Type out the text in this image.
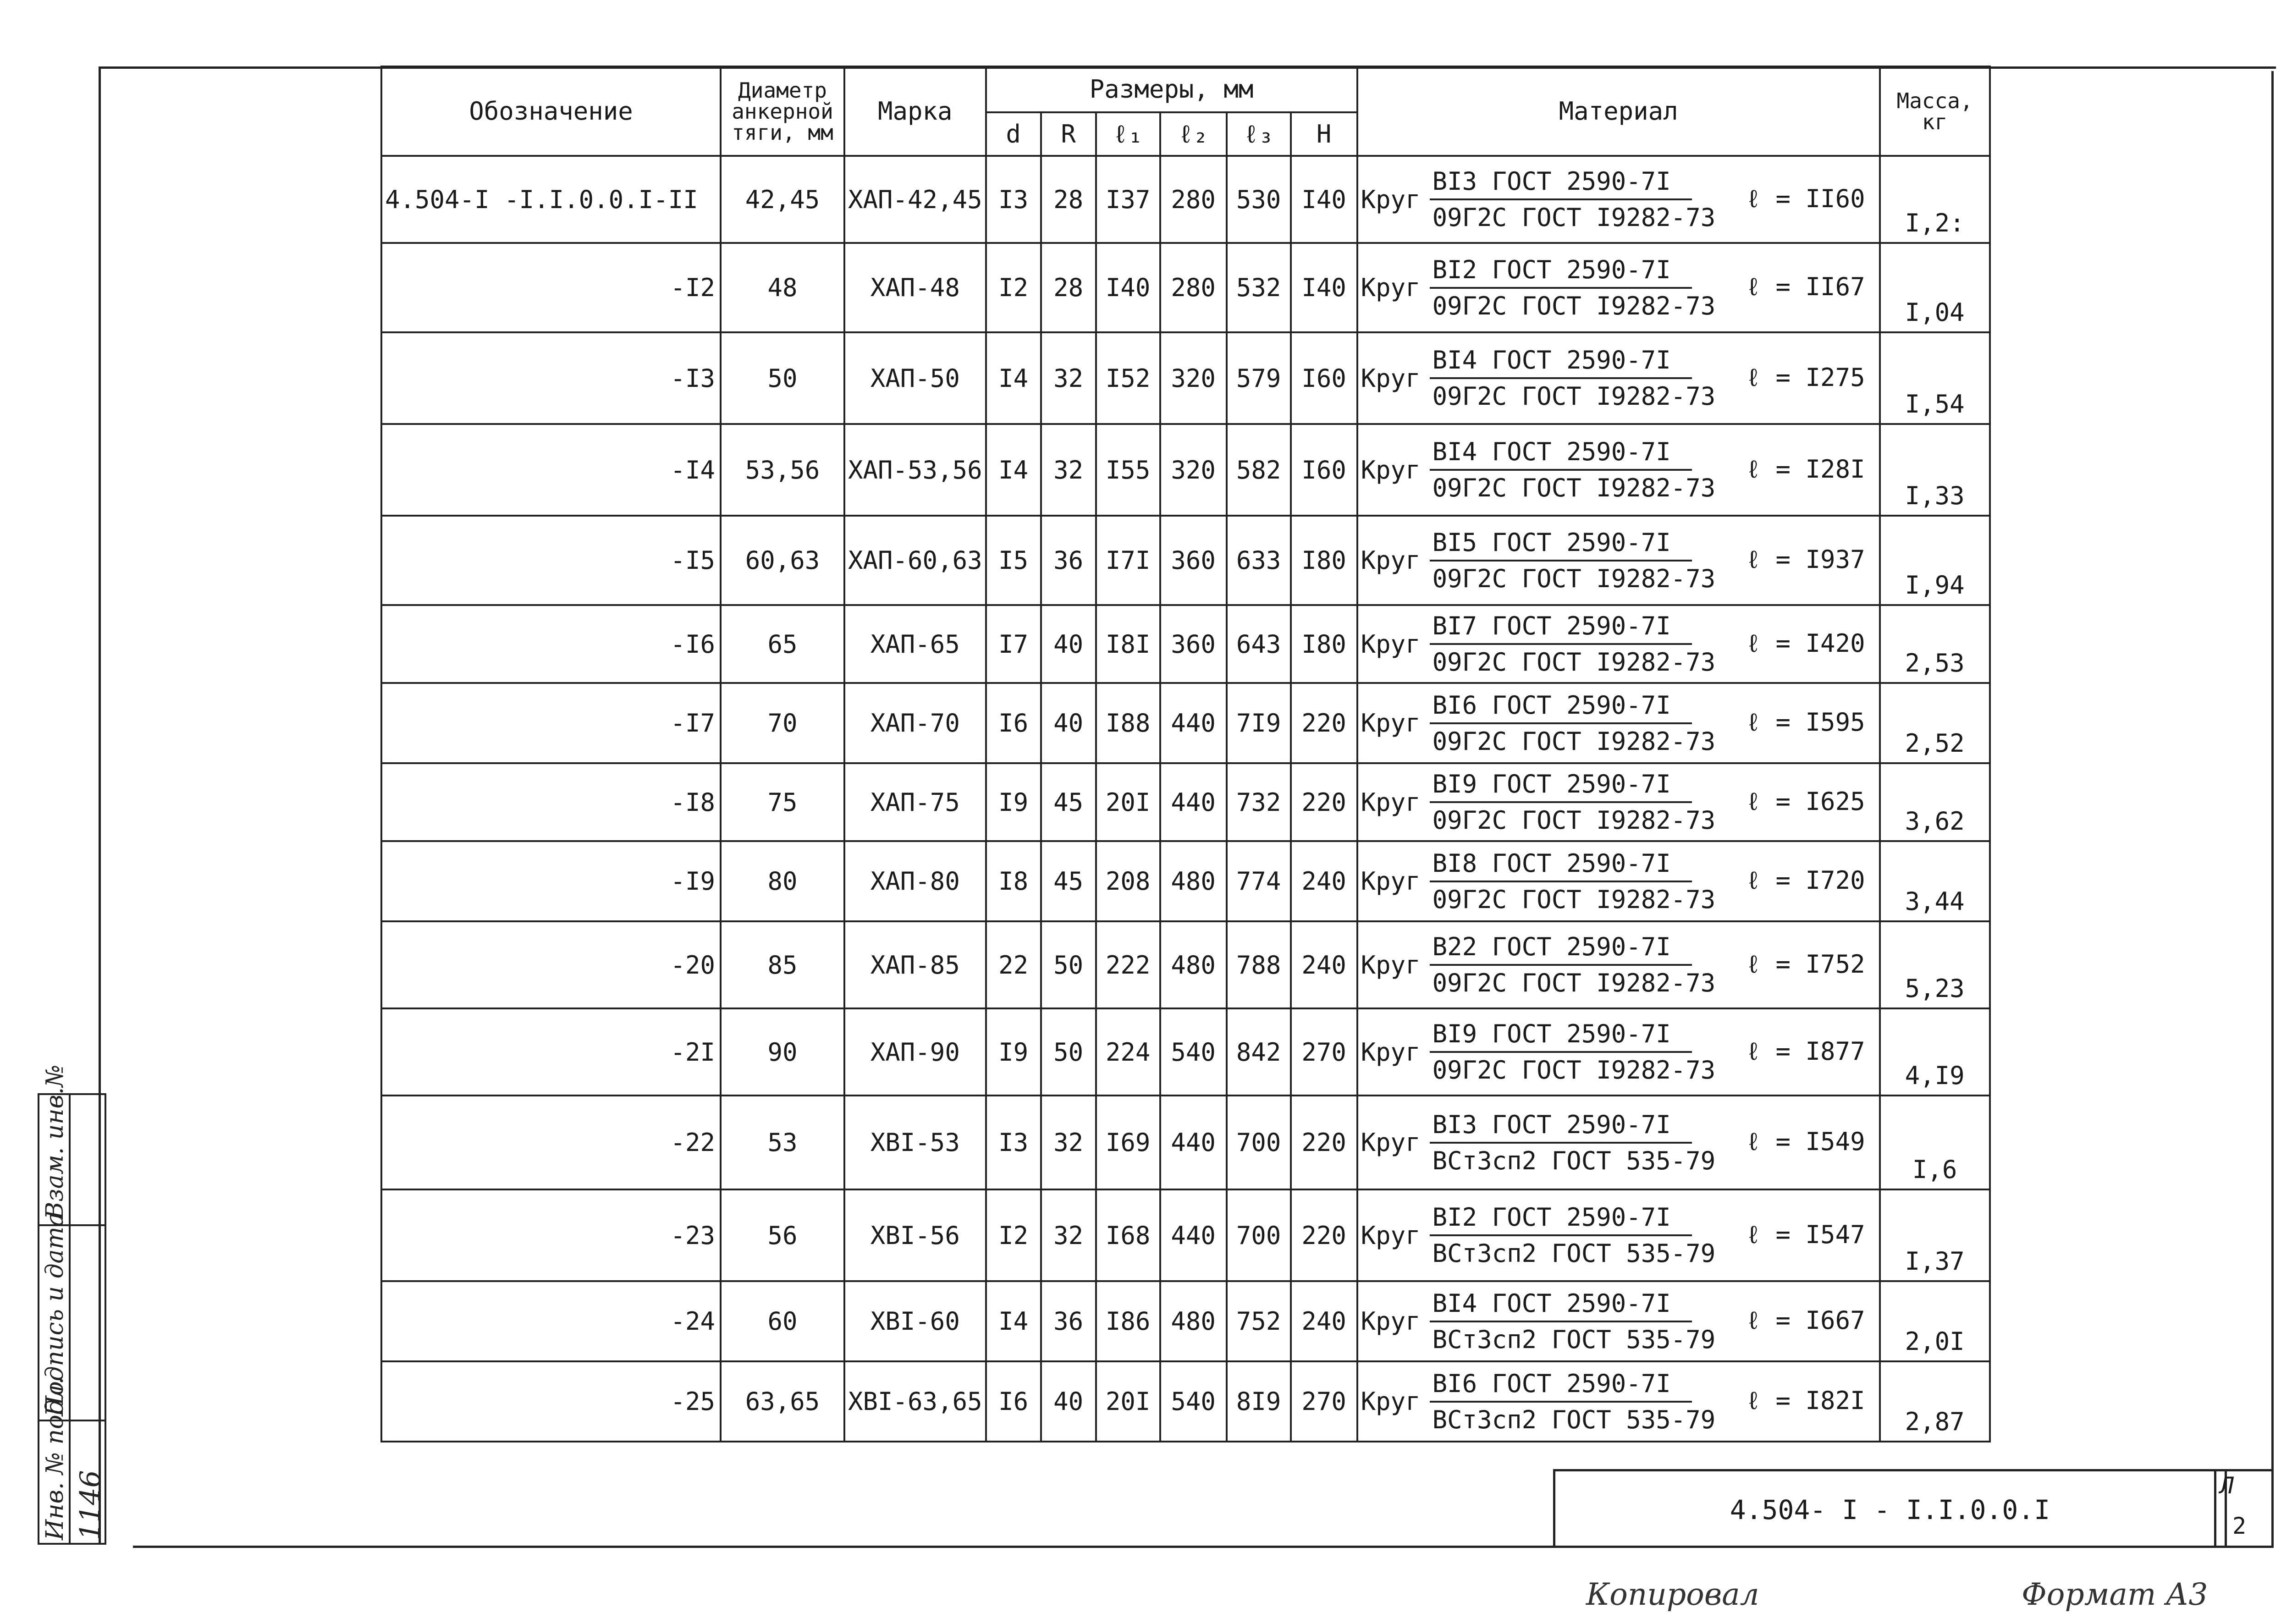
Обозначение	Диаметр анкерной тяги, мм	Марка	Размеры, мм						Материал	Масса, кг
			d	R	ℓ₁	ℓ₂	ℓ₃	H		
4.504-I -I.I.0.0.I-II	42,45	ХАП-42,45	I3	28	I37	280	530	I40	Круг $\frac{\text{BI3 ГОСТ 2590-7I}}{\text{09Г2С ГОСТ I9282-73}}$ ℓ = II60	I,2:
-I2	48	ХАП-48	I2	28	I40	280	532	I40	Круг $\frac{\text{BI2 ГОСТ 2590-7I}}{\text{09Г2С ГОСТ I9282-73}}$ ℓ = II67	I,04
-I3	50	ХАП-50	I4	32	I52	320	579	I60	Круг $\frac{\text{BI4 ГОСТ 2590-7I}}{\text{09Г2С ГОСТ I9282-73}}$ ℓ = I275	I,54
-I4	53,56	ХАП-53,56	I4	32	I55	320	582	I60	Круг $\frac{\text{BI4 ГОСТ 2590-7I}}{\text{09Г2С ГОСТ I9282-73}}$ ℓ = I28I	I,33
-I5	60,63	ХАП-60,63	I5	36	I7I	360	633	I80	Круг $\frac{\text{BI5 ГОСТ 2590-7I}}{\text{09Г2С ГОСТ I9282-73}}$ ℓ = I937	I,94
-I6	65	ХАП-65	I7	40	I8I	360	643	I80	Круг $\frac{\text{BI7 ГОСТ 2590-7I}}{\text{09Г2С ГОСТ I9282-73}}$ ℓ = I420	2,53
-I7	70	ХАП-70	I6	40	I88	440	7I9	220	Круг $\frac{\text{BI6 ГОСТ 2590-7I}}{\text{09Г2С ГОСТ I9282-73}}$ ℓ = I595	2,52
-I8	75	ХАП-75	I9	45	20I	440	732	220	Круг $\frac{\text{BI9 ГОСТ 2590-7I}}{\text{09Г2С ГОСТ I9282-73}}$ ℓ = I625	3,62
-I9	80	ХАП-80	I8	45	208	480	774	240	Круг $\frac{\text{BI8 ГОСТ 2590-7I}}{\text{09Г2С ГОСТ I9282-73}}$ ℓ = I720	3,44
-20	85	ХАП-85	22	50	222	480	788	240	Круг $\frac{\text{B22 ГОСТ 2590-7I}}{\text{09Г2С ГОСТ I9282-73}}$ ℓ = I752	5,23
-2I	90	ХАП-90	I9	50	224	540	842	270	Круг $\frac{\text{BI9 ГОСТ 2590-7I}}{\text{09Г2С ГОСТ I9282-73}}$ ℓ = I877	4,I9
-22	53	ХВI-53	I3	32	I69	440	700	220	Круг $\frac{\text{BI3 ГОСТ 2590-7I}}{\text{ВСт3сп2 ГОСТ 535-79}}$ ℓ = I549	I,6
-23	56	ХВI-56	I2	32	I68	440	700	220	Круг $\frac{\text{BI2 ГОСТ 2590-7I}}{\text{ВСт3сп2 ГОСТ 535-79}}$ ℓ = I547	I,37
-24	60	ХВI-60	I4	36	I86	480	752	240	Круг $\frac{\text{BI4 ГОСТ 2590-7I}}{\text{ВСт3сп2 ГОСТ 535-79}}$ ℓ = I667	2,0I
-25	63,65	ХВI-63,65	I6	40	20I	540	8I9	270	Круг $\frac{\text{BI6 ГОСТ 2590-7I}}{\text{ВСт3сп2 ГОСТ 535-79}}$ ℓ = I82I	2,87
Взам. инв.№
Подпись и дата
Инв. № подл. 1146	4.504- I - I.I.0.0.I
Л
2
Копировал	Формат А3
